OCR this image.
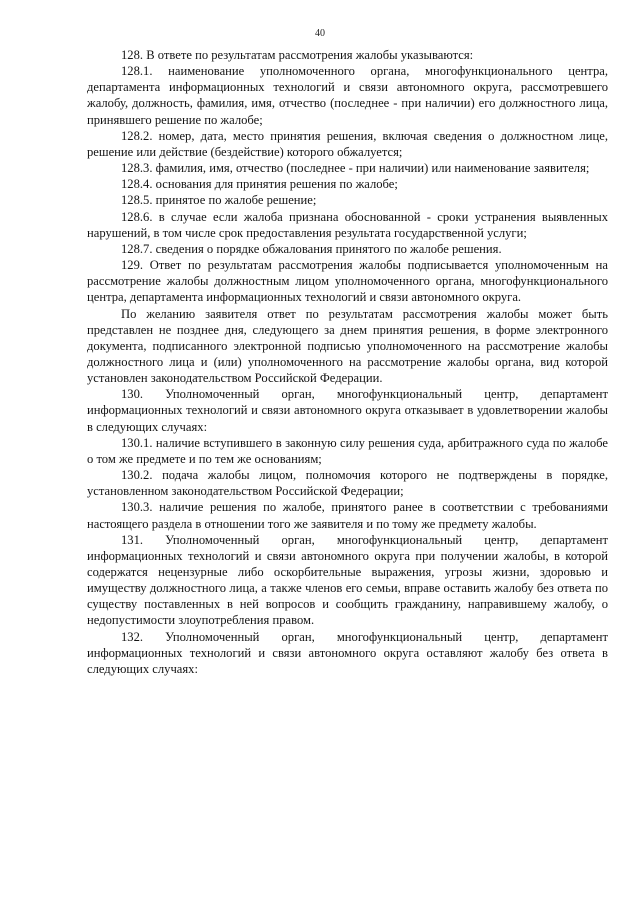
40

128. В ответе по результатам рассмотрения жалобы указываются:

128.1. наименование уполномоченного органа, многофункционального центра, департамента информационных технологий и связи автономного округа, рассмотревшего жалобу, должность, фамилия, имя, отчество (последнее - при наличии) его должностного лица, принявшего решение по жалобе;

128.2. номер, дата, место принятия решения, включая сведения о должностном лице, решение или действие (бездействие) которого обжалуется;

128.3. фамилия, имя, отчество (последнее - при наличии) или наименование заявителя;

128.4. основания для принятия решения по жалобе;

128.5. принятое по жалобе решение;

128.6. в случае если жалоба признана обоснованной - сроки устранения выявленных нарушений, в том числе срок предоставления результата государственной услуги;

128.7. сведения о порядке обжалования принятого по жалобе решения.

129. Ответ по результатам рассмотрения жалобы подписывается уполномоченным на рассмотрение жалобы должностным лицом уполномоченного органа, многофункционального центра, департамента информационных технологий и связи автономного округа.

По желанию заявителя ответ по результатам рассмотрения жалобы может быть представлен не позднее дня, следующего за днем принятия решения, в форме электронного документа, подписанного электронной подписью уполномоченного на рассмотрение жалобы должностного лица и (или) уполномоченного на рассмотрение жалобы органа, вид которой установлен законодательством Российской Федерации.

130. Уполномоченный орган, многофункциональный центр, департамент информационных технологий и связи автономного округа отказывает в удовлетворении жалобы в следующих случаях:

130.1. наличие вступившего в законную силу решения суда, арбитражного суда по жалобе о том же предмете и по тем же основаниям;

130.2. подача жалобы лицом, полномочия которого не подтверждены в порядке, установленном законодательством Российской Федерации;

130.3. наличие решения по жалобе, принятого ранее в соответствии с требованиями настоящего раздела в отношении того же заявителя и по тому же предмету жалобы.

131. Уполномоченный орган, многофункциональный центр, департамент информационных технологий и связи автономного округа при получении жалобы, в которой содержатся нецензурные либо оскорбительные выражения, угрозы жизни, здоровью и имуществу должностного лица, а также членов его семьи, вправе оставить жалобу без ответа по существу поставленных в ней вопросов и сообщить гражданину, направившему жалобу, о недопустимости злоупотребления правом.

132. Уполномоченный орган, многофункциональный центр, департамент информационных технологий и связи автономного округа оставляют жалобу без ответа в следующих случаях:
